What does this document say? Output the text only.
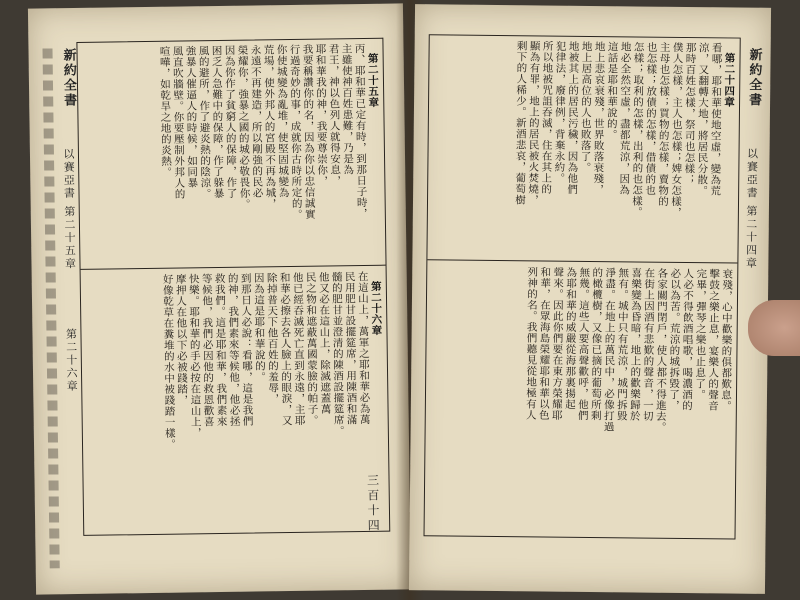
新約全書
以賽亞書 第二十五章
第二十六章
三百十四
第二十五章
丙、耶和華已定有時，到那日子時，
主雖使神百姓患難，乃是為
君王，神以色列人就得安息，
耶和華我的神，我要尊崇你，
我要稱讚你的名，因為你以忠信誠實
行過奇妙的事，成就你古時所定的。
你使城變為亂堆，使堅固城變為
荒場，使外邦人的宮殿不再為城，
永遠不再建造，所以剛強的民必
榮耀你，強暴之國的城必敬畏你。
因為你作了貧窮人的保障，作了
困乏人急難中的保障，作了躲暴
風的避所，作了避炎熱的陰涼。
強暴人催逼人的時候，如同暴
風直吹牆壁。你要壓制外邦人的
喧嘩，如乾旱之地的炎熱。
第二十六章
在這山上，萬軍之耶和華必為萬
民用肥甘設擺筵席，用陳酒和滿
髓的肥甘並澄清的陳酒設擺筵席。
他又必在這山上，除滅遮蓋萬
民之物和遮蔽萬國蒙臉的帕子。
他已經吞滅死亡直到永遠，主耶
和華必擦去各人臉上的眼淚，又
除掉普天下他百姓的羞辱，
因為這是耶和華說的。
到那日人必說：看哪，這是我們
的神，我們素來等候他，他必拯
救我們。這是耶和華，我們素來
等候他，我們必因他的救恩歡喜
快樂。耶和華的手必按在這山上，
摩押人在他以下必被踐踏，
好像乾草在糞堆的水中被踐踏一樣。
新約全書
以賽亞書 第二十四章
第二十四章
看哪，耶和華使地空虛，變為荒
涼，又翻轉大地，將居民分散。
那時百姓怎樣，祭司也怎樣；
僕人怎樣，主人也怎樣；婢女怎樣，
主母也怎樣；買物的怎樣，賣物的
也怎樣；放債的怎樣，借債的也
怎樣；取利的怎樣，出利的也怎樣。
地必全然空虛，盡都荒涼，因為
這話是耶和華說的。
地上悲哀衰殘，世界敗落衰殘，
地上居高位的人也敗落了。
地被其上的居民污穢，因為他們
犯律法，廢律例，背棄永約。
所以地被咒詛吞滅，住在其上的
顯為有罪，地上的居民被火焚燒，
剩下的人稀少。新酒悲哀，葡萄樹
衰殘，心中歡樂的俱都歎息。
擊鼓之樂止息，宴樂人的聲音
完畢，彈琴之樂也止息了。
人必不得飲酒唱歌，喝濃酒的
必以為苦。荒涼的城拆毀了，
各家關門閉戶，使人都不得進去。
在街上因酒有悲歎的聲音，一切
喜樂變為昏暗，地上的歡樂歸於
無有。城中只有荒涼，城門拆毀
淨盡。在地上的萬民中，必像打過
的橄欖樹，又像已摘的葡萄所剩
無幾。這些人要高聲歡呼，他們
為耶和華的威嚴從海那裏揚起
聲來。因此你們要在東方榮耀耶
和華，在眾海島榮耀耶和華以色
列神的名。我們聽見從地極有人
